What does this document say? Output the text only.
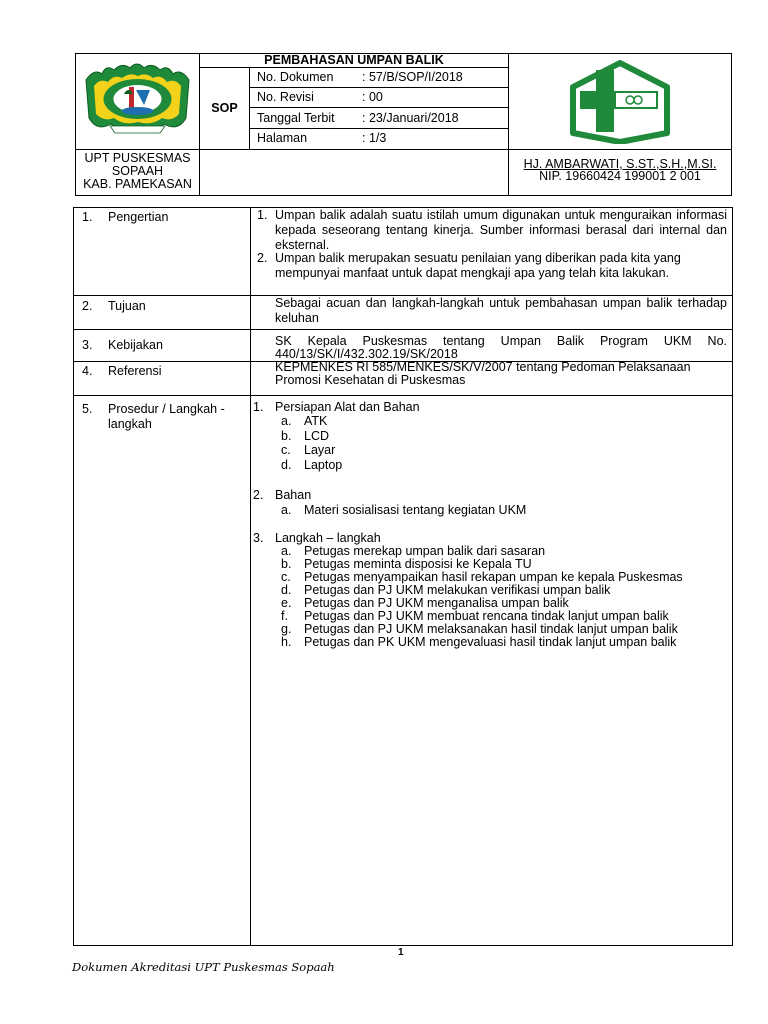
PEMBAHASAN UMPAN BALIK
SOP
No. Dokumen : 57/B/SOP/I/2018
No. Revisi	: 00
Tanggal Terbit : 23/Januari/2018
Halaman	: 1/3
UPT PUSKESMAS
SOPAAH
KAB. PAMEKASAN
HJ. AMBARWATI, S.ST.,S.H.,M.SI.
NIP. 19660424 199001 2 001
1. Pengertian	1. Umpan balik adalah suatu istilah umum digunakan untuk menguraikan informasi kepada seseorang tentang kinerja. Sumber informasi berasal dari internal dan eksternal.
2. Umpan balik merupakan sesuatu penilaian yang diberikan pada kita yang mempunyai manfaat untuk dapat mengkaji apa yang telah kita lakukan.
2. Tujuan	Sebagai acuan dan langkah-langkah untuk pembahasan umpan balik terhadap keluhan
3. Kebijakan	SK Kepala Puskesmas tentang Umpan Balik Program UKM No. 440/13/SK/I/432.302.19/SK/2018
4. Referensi	KEPMENKES RI 585/MENKES/SK/V/2007 tentang Pedoman Pelaksanaan Promosi Kesehatan di Puskesmas
5. Prosedur / Langkah -
langkah
1. Persiapan Alat dan Bahan
a. ATK
b. LCD
c. Layar
d. Laptop
2. Bahan
a. Materi sosialisasi tentang kegiatan UKM
3. Langkah – langkah
a. Petugas merekap umpan balik dari sasaran
b. Petugas meminta disposisi ke Kepala TU
c. Petugas menyampaikan hasil rekapan umpan ke kepala Puskesmas
d. Petugas dan PJ UKM melakukan verifikasi umpan balik
e. Petugas dan PJ UKM menganalisa umpan balik
f. Petugas dan PJ UKM membuat rencana tindak lanjut umpan balik
g. Petugas dan PJ UKM melaksanakan hasil tindak lanjut umpan balik
h. Petugas dan PK UKM mengevaluasi hasil tindak lanjut umpan balik
1
Dokumen Akreditasi UPT Puskesmas Sopaah
